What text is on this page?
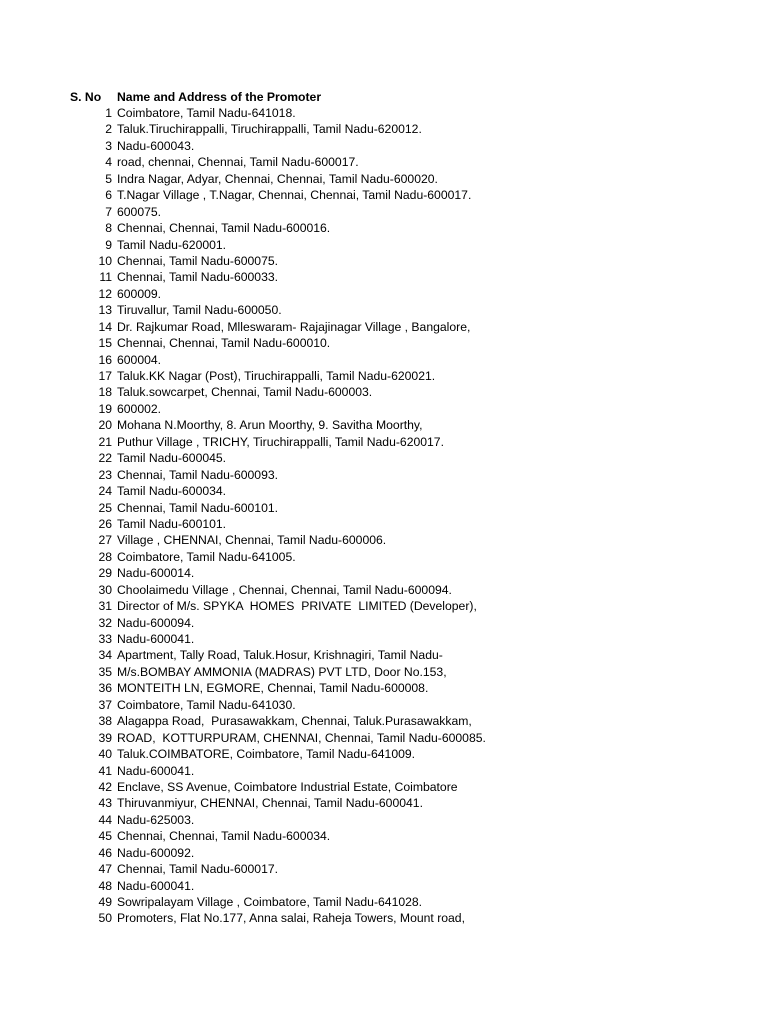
S. No Name and Address of the Promoter
1 Coimbatore, Tamil Nadu-641018.
2 Taluk.Tiruchirappalli, Tiruchirappalli, Tamil Nadu-620012.
3 Nadu-600043.
4 road, chennai, Chennai, Tamil Nadu-600017.
5 Indra Nagar, Adyar, Chennai, Chennai, Tamil Nadu-600020.
6 T.Nagar Village , T.Nagar, Chennai, Chennai, Tamil Nadu-600017.
7 600075.
8 Chennai, Chennai, Tamil Nadu-600016.
9 Tamil Nadu-620001.
10 Chennai, Tamil Nadu-600075.
11 Chennai, Tamil Nadu-600033.
12 600009.
13 Tiruvallur, Tamil Nadu-600050.
14 Dr. Rajkumar Road, Mlleswaram- Rajajinagar Village , Bangalore,
15 Chennai, Chennai, Tamil Nadu-600010.
16 600004.
17 Taluk.KK Nagar (Post), Tiruchirappalli, Tamil Nadu-620021.
18 Taluk.sowcarpet, Chennai, Tamil Nadu-600003.
19 600002.
20 Mohana N.Moorthy, 8. Arun Moorthy, 9. Savitha Moorthy,
21 Puthur Village , TRICHY, Tiruchirappalli, Tamil Nadu-620017.
22 Tamil Nadu-600045.
23 Chennai, Tamil Nadu-600093.
24 Tamil Nadu-600034.
25 Chennai, Tamil Nadu-600101.
26 Tamil Nadu-600101.
27 Village , CHENNAI, Chennai, Tamil Nadu-600006.
28 Coimbatore, Tamil Nadu-641005.
29 Nadu-600014.
30 Choolaimedu Village , Chennai, Chennai, Tamil Nadu-600094.
31 Director of M/s. SPYKA  HOMES  PRIVATE  LIMITED (Developer),
32 Nadu-600094.
33 Nadu-600041.
34 Apartment, Tally Road, Taluk.Hosur, Krishnagiri, Tamil Nadu-
35 M/s.BOMBAY AMMONIA (MADRAS) PVT LTD, Door No.153,
36 MONTEITH LN, EGMORE, Chennai, Tamil Nadu-600008.
37 Coimbatore, Tamil Nadu-641030.
38 Alagappa Road,  Purasawakkam, Chennai, Taluk.Purasawakkam,
39 ROAD,  KOTTURPURAM, CHENNAI, Chennai, Tamil Nadu-600085.
40 Taluk.COIMBATORE, Coimbatore, Tamil Nadu-641009.
41 Nadu-600041.
42 Enclave, SS Avenue, Coimbatore Industrial Estate, Coimbatore
43 Thiruvanmiyur, CHENNAI, Chennai, Tamil Nadu-600041.
44 Nadu-625003.
45 Chennai, Chennai, Tamil Nadu-600034.
46 Nadu-600092.
47 Chennai, Tamil Nadu-600017.
48 Nadu-600041.
49 Sowripalayam Village , Coimbatore, Tamil Nadu-641028.
50 Promoters, Flat No.177, Anna salai, Raheja Towers, Mount road,
